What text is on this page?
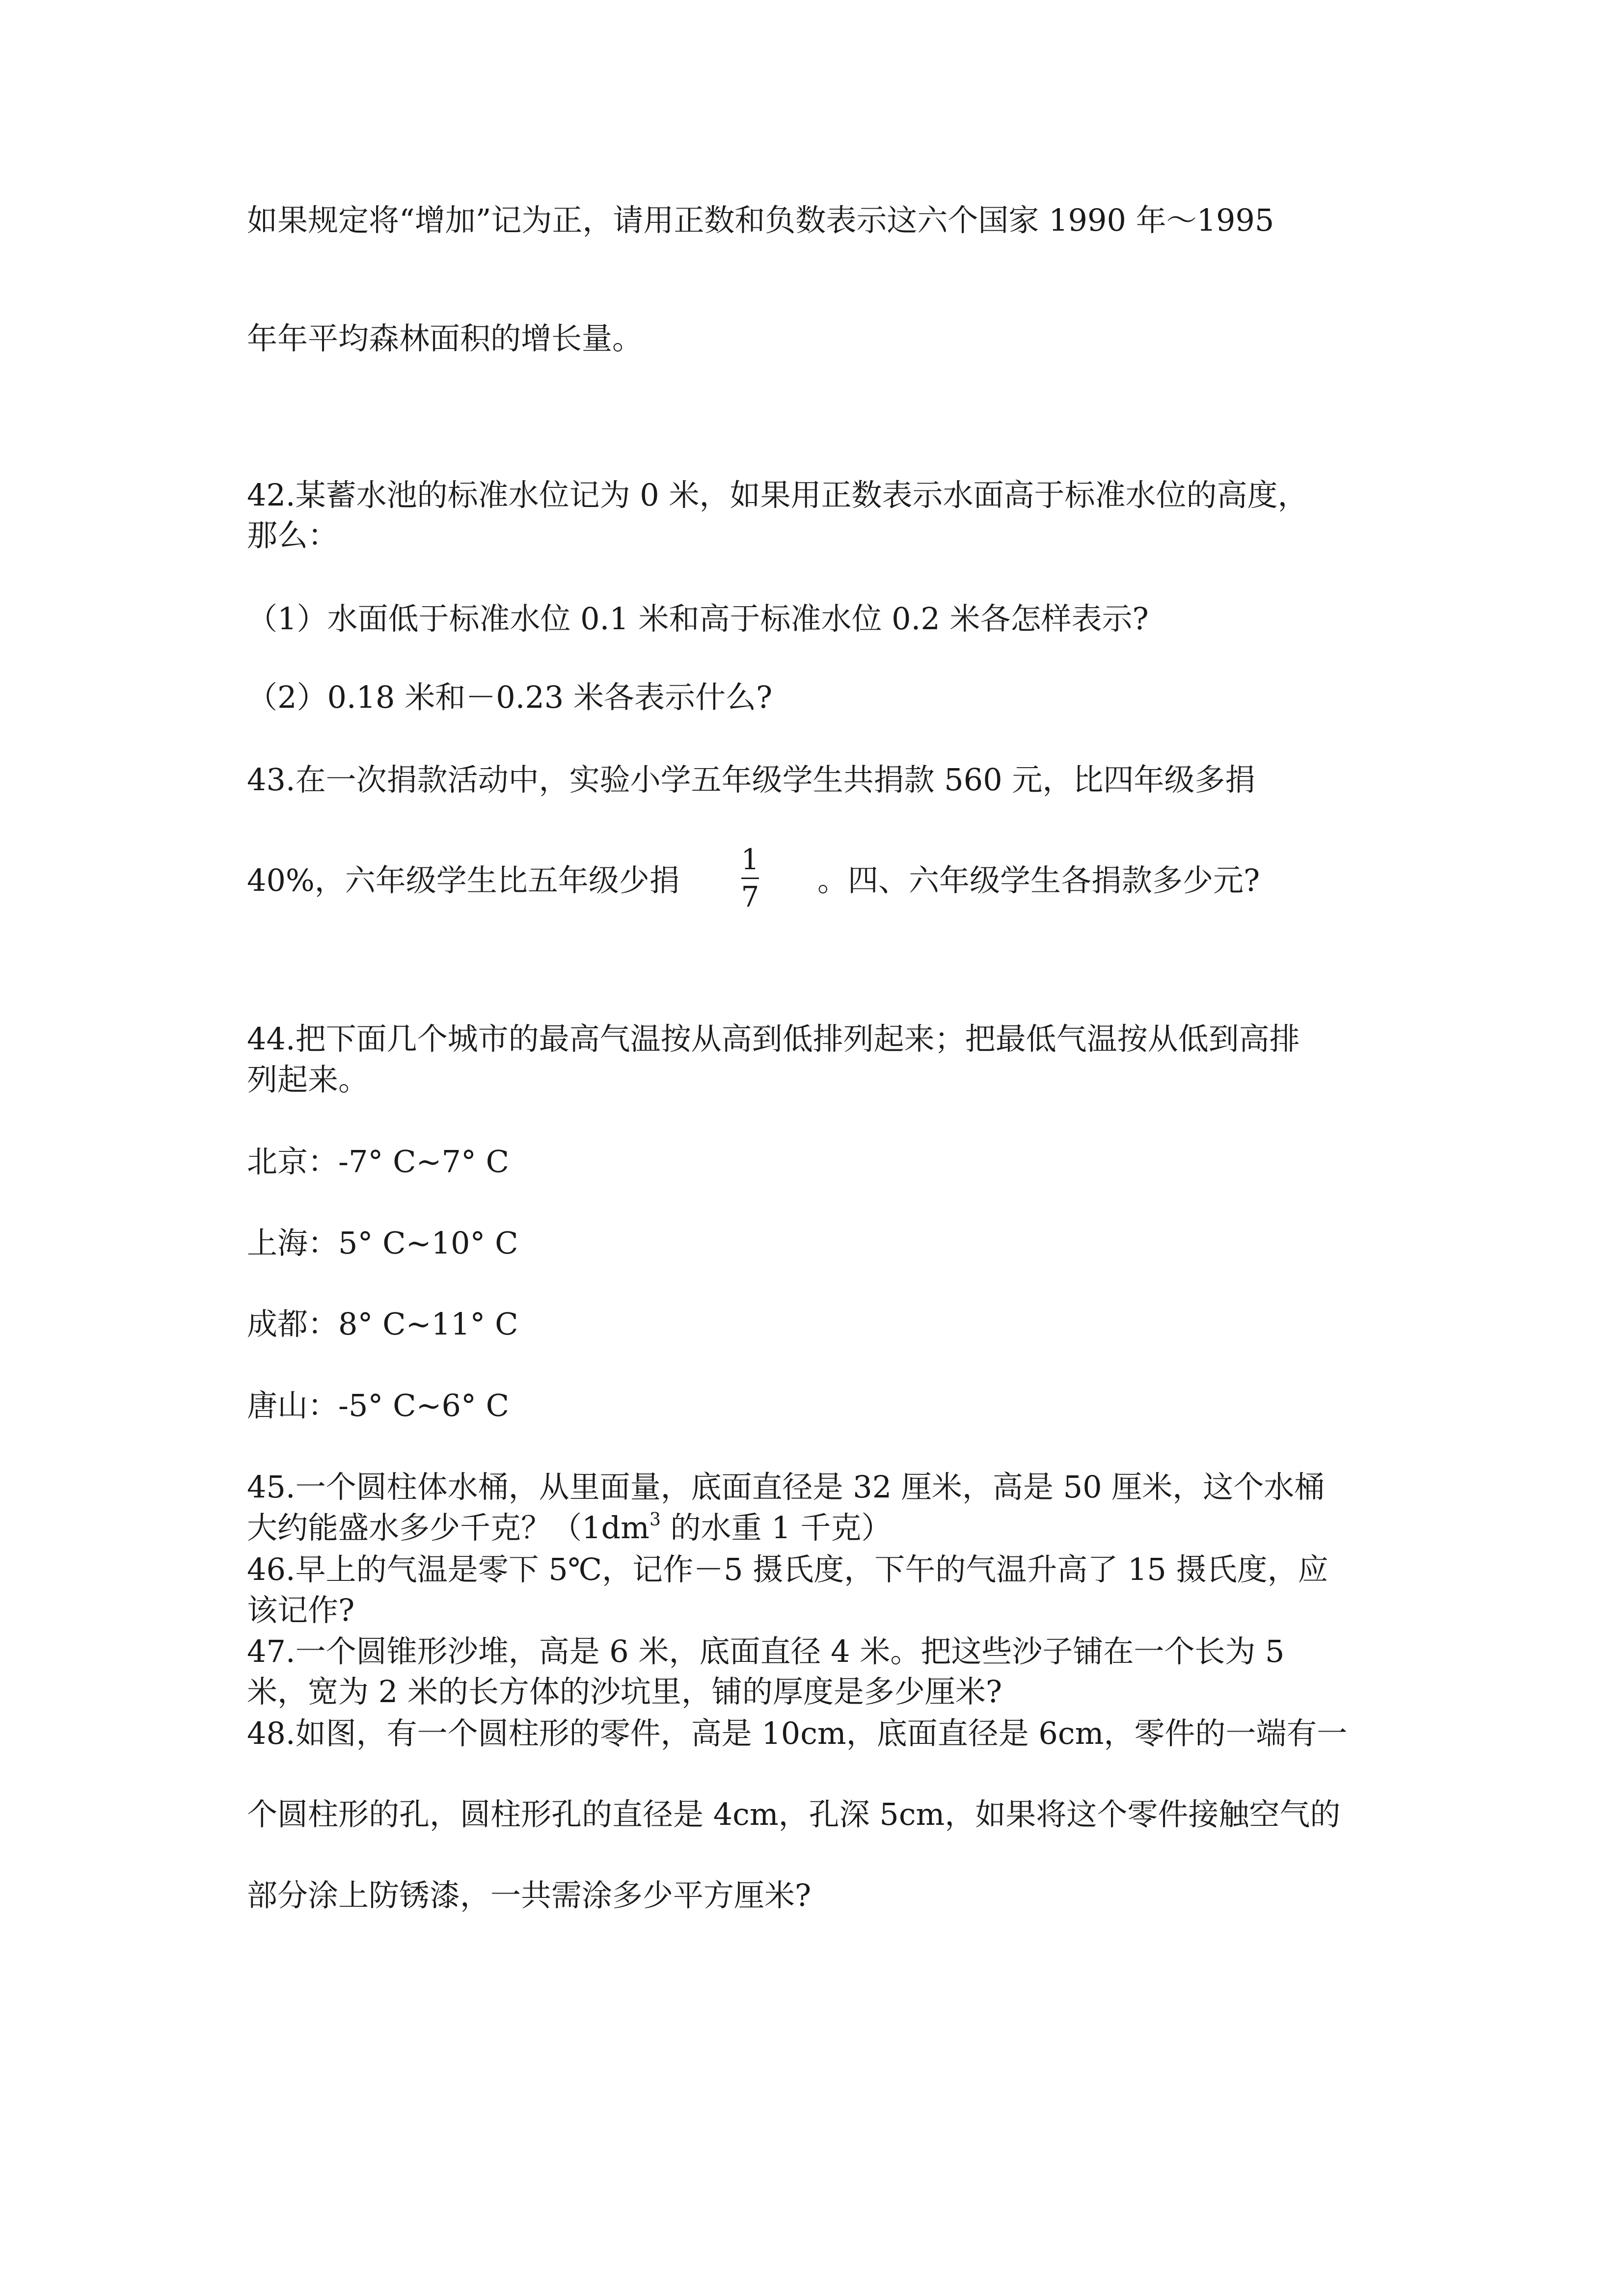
如果规定将“增加”记为正，请用正数和负数表示这六个国家 1990 年～1995

年年平均森林面积的增长量。

42.某蓄水池的标准水位记为 0 米，如果用正数表示水面高于标准水位的高度，

那么：

（1）水面低于标准水位 0.1 米和高于标准水位 0.2 米各怎样表示?

（2）0.18 米和－0.23 米各表示什么?

43.在一次捐款活动中，实验小学五年级学生共捐款 560 元，比四年级多捐

40%，六年级学生比五年级少捐

1
7 。四、六年级学生各捐款多少元?

44.把下面几个城市的最高气温按从高到低排列起来；把最低气温按从低到高排

列起来。

北京：-7° C~7° C

上海：5° C~10° C

成都：8° C~11° C

唐山：-5° C~6° C

45.一个圆柱体水桶，从里面量，底面直径是 32 厘米，高是 50 厘米，这个水桶

大约能盛水多少千克？（$1dm^3$ 的水重 1 千克）

46.早上的气温是零下 5℃，记作－5 摄氏度，下午的气温升高了 15 摄氏度，应

该记作?

47.一个圆锥形沙堆，高是 6 米，底面直径 4 米。把这些沙子铺在一个长为 5

米，宽为 2 米的长方体的沙坑里，铺的厚度是多少厘米?

48.如图，有一个圆柱形的零件，高是 10cm，底面直径是 6cm，零件的一端有一

个圆柱形的孔，圆柱形孔的直径是 4cm，孔深 5cm，如果将这个零件接触空气的

部分涂上防锈漆，一共需涂多少平方厘米?
